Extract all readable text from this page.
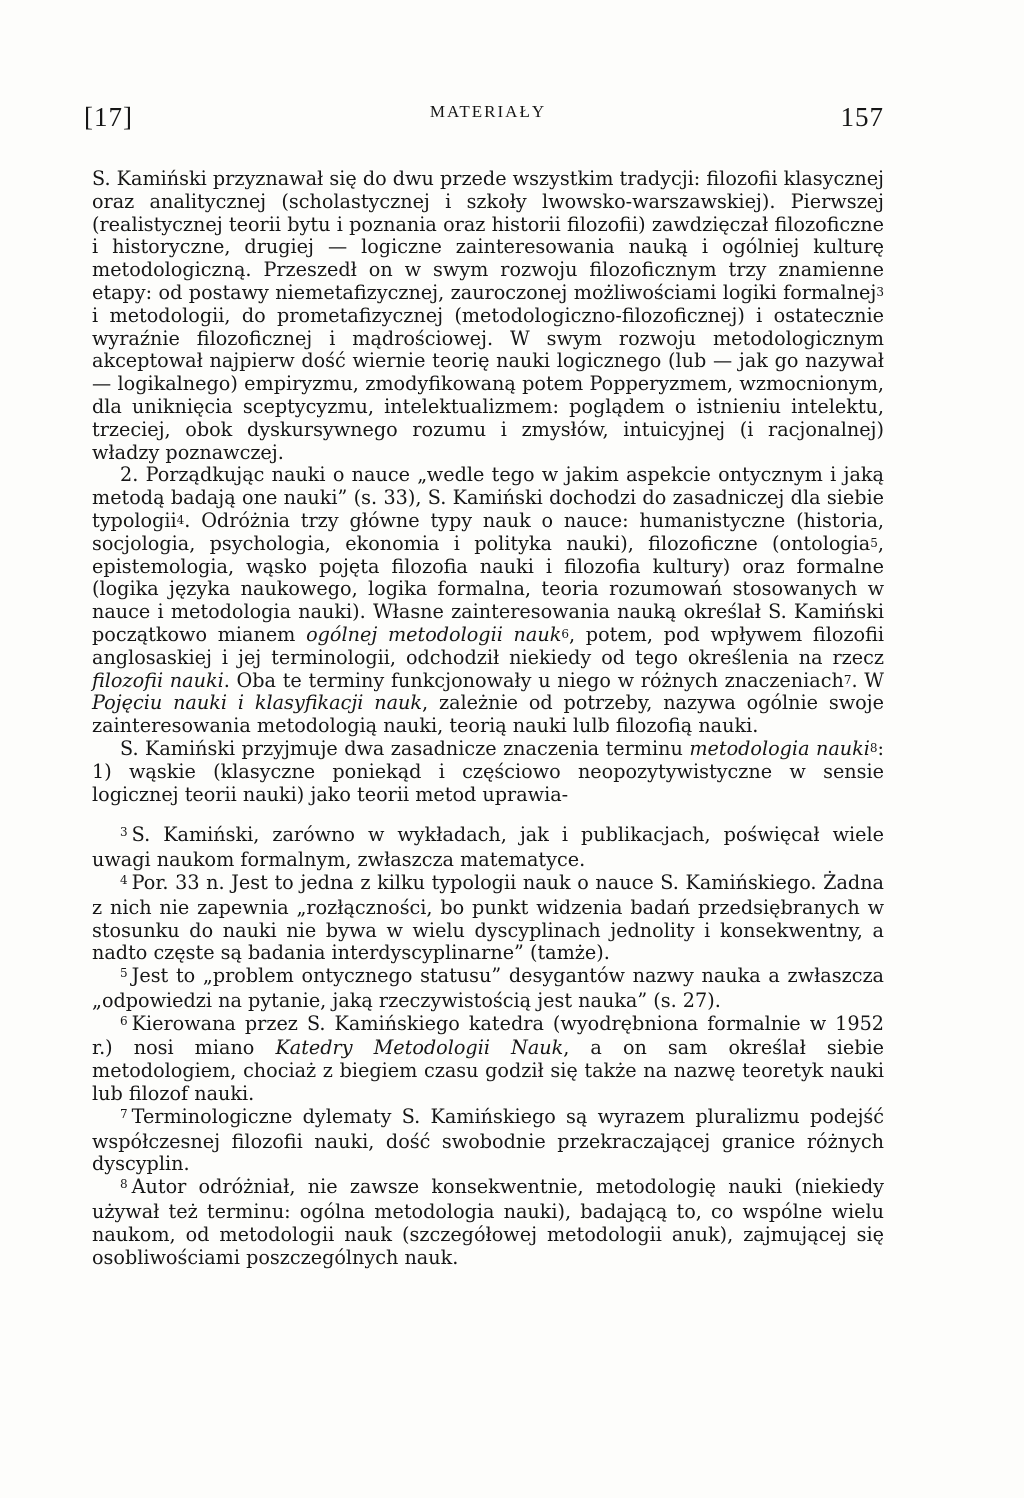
[17]	MATERIAŁY	157

S. Kamiński przyznawał się do dwu przede wszystkim tradycji: filozofii klasycznej oraz analitycznej (scholastycznej i szkoły lwowsko-warszawskiej). Pierwszej (realistycznej teorii bytu i poznania oraz historii filozofii) zawdzięczał filozoficzne i historyczne, drugiej — logiczne zainteresowania nauką i ogólniej kulturę metodologiczną. Przeszedł on w swym rozwoju filozoficznym trzy znamienne etapy: od postawy niemetafizycznej, zauroczonej możliwościami logiki formalnej$^3$ i metodologii, do prometafizycznej (metodologiczno-filozoficznej) i ostatecznie wyraźnie filozoficznej i mądrościowej. W swym rozwoju metodologicznym akceptował najpierw dość wiernie teorię nauki logicznego (lub — jak go nazywał — logikalnego) empiryzmu, zmodyfikowaną potem Popperyzmem, wzmocnionym, dla uniknięcia sceptycyzmu, intelektualizmem: poglądem o istnieniu intelektu, trzeciej, obok dyskursywnego rozumu i zmysłów, intuicyjnej (i racjonalnej) władzy poznawczej.

2. Porządkując nauki o nauce „wedle tego w jakim aspekcie ontycznym i jaką metodą badają one nauki” (s. 33), S. Kamiński dochodzi do zasadniczej dla siebie typologii$^4$. Odróżnia trzy główne typy nauk o nauce: humanistyczne (historia, socjologia, psychologia, ekonomia i polityka nauki), filozoficzne (ontologia$^5$, epistemologia, wąsko pojęta filozofia nauki i filozofia kultury) oraz formalne (logika języka naukowego, logika formalna, teoria rozumowań stosowanych w nauce i metodologia nauki). Własne zainteresowania nauką określał S. Kamiński początkowo mianem ogólnej metodologii nauk$^6$, potem, pod wpływem filozofii anglosaskiej i jej terminologii, odchodził niekiedy od tego określenia na rzecz filozofii nauki. Oba te terminy funkcjonowały u niego w różnych znaczeniach$^7$. W Pojęciu nauki i klasyfikacji nauk, zależnie od potrzeby, nazywa ogólnie swoje zainteresowania metodologią nauki, teorią nauki lulb filozofią nauki.

S. Kamiński przyjmuje dwa zasadnicze znaczenia terminu metodologia nauki$^8$: 1) wąskie (klasyczne poniekąd i częściowo neopozytywistyczne w sensie logicznej teorii nauki) jako teorii metod uprawia-

$^3$ S. Kamiński, zarówno w wykładach, jak i publikacjach, poświęcał wiele uwagi naukom formalnym, zwłaszcza matematyce.

$^4$ Por. 33 n. Jest to jedna z kilku typologii nauk o nauce S. Kamińskiego. Żadna z nich nie zapewnia „rozłączności, bo punkt widzenia badań przedsiębranych w stosunku do nauki nie bywa w wielu dyscyplinach jednolity i konsekwentny, a nadto częste są badania interdyscyplinarne” (tamże).

$^5$ Jest to „problem ontycznego statusu” desygantów nazwy nauka a zwłaszcza „odpowiedzi na pytanie, jaką rzeczywistością jest nauka” (s. 27).

$^6$ Kierowana przez S. Kamińskiego katedra (wyodrębniona formalnie w 1952 r.) nosi miano Katedry Metodologii Nauk, a on sam określał siebie metodologiem, chociaż z biegiem czasu godził się także na nazwę teoretyk nauki lub filozof nauki.

$^7$ Terminologiczne dylematy S. Kamińskiego są wyrazem pluralizmu podejść współczesnej filozofii nauki, dość swobodnie przekraczającej granice różnych dyscyplin.

$^8$ Autor odróżniał, nie zawsze konsekwentnie, metodologię nauki (niekiedy używał też terminu: ogólna metodologia nauki), badającą to, co wspólne wielu naukom, od metodologii nauk (szczegółowej metodologii anuk), zajmującej się osobliwościami poszczególnych nauk.
